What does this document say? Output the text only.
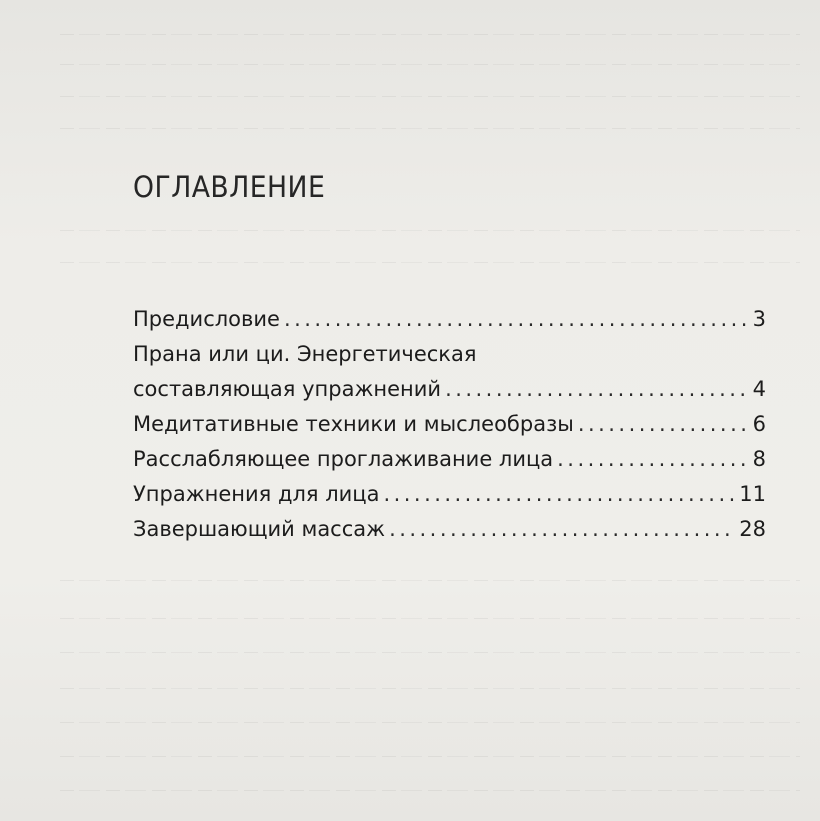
ОГЛАВЛЕНИЕ
Предисловие . . .	3
Прана или ци. Энергетическая
составляющая упражнений . . .	4
Медитативные техники и мыслеобразы . . .	6
Расслабляющее проглаживание лица . . .	8
Упражнения для лица . . .	11
Завершающий массаж . . .	28
